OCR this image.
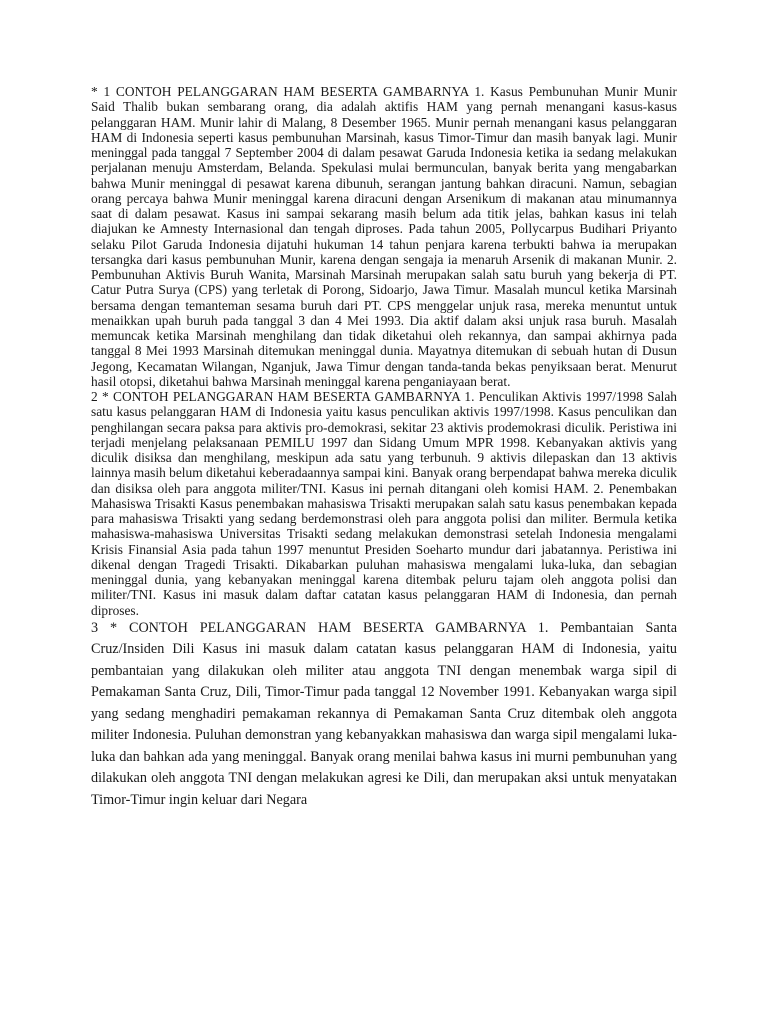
* 1 CONTOH PELANGGARAN HAM BESERTA GAMBARNYA 1. Kasus Pembunuhan Munir Munir Said Thalib bukan sembarang orang, dia adalah aktifis HAM yang pernah menangani kasus-kasus pelanggaran HAM. Munir lahir di Malang, 8 Desember 1965. Munir pernah menangani kasus pelanggaran HAM di Indonesia seperti kasus pembunuhan Marsinah, kasus Timor-Timur dan masih banyak lagi. Munir meninggal pada tanggal 7 September 2004 di dalam pesawat Garuda Indonesia ketika ia sedang melakukan perjalanan menuju Amsterdam, Belanda. Spekulasi mulai bermunculan, banyak berita yang mengabarkan bahwa Munir meninggal di pesawat karena dibunuh, serangan jantung bahkan diracuni. Namun, sebagian orang percaya bahwa Munir meninggal karena diracuni dengan Arsenikum di makanan atau minumannya saat di dalam pesawat. Kasus ini sampai sekarang masih belum ada titik jelas, bahkan kasus ini telah diajukan ke Amnesty Internasional dan tengah diproses. Pada tahun 2005, Pollycarpus Budihari Priyanto selaku Pilot Garuda Indonesia dijatuhi hukuman 14 tahun penjara karena terbukti bahwa ia merupakan tersangka dari kasus pembunuhan Munir, karena dengan sengaja ia menaruh Arsenik di makanan Munir. 2. Pembunuhan Aktivis Buruh Wanita, Marsinah Marsinah merupakan salah satu buruh yang bekerja di PT. Catur Putra Surya (CPS) yang terletak di Porong, Sidoarjo, Jawa Timur. Masalah muncul ketika Marsinah bersama dengan temanteman sesama buruh dari PT. CPS menggelar unjuk rasa, mereka menuntut untuk menaikkan upah buruh pada tanggal 3 dan 4 Mei 1993. Dia aktif dalam aksi unjuk rasa buruh. Masalah memuncak ketika Marsinah menghilang dan tidak diketahui oleh rekannya, dan sampai akhirnya pada tanggal 8 Mei 1993 Marsinah ditemukan meninggal dunia. Mayatnya ditemukan di sebuah hutan di Dusun Jegong, Kecamatan Wilangan, Nganjuk, Jawa Timur dengan tanda-tanda bekas penyiksaan berat. Menurut hasil otopsi, diketahui bahwa Marsinah meninggal karena penganiayaan berat.

2 * CONTOH PELANGGARAN HAM BESERTA GAMBARNYA 1. Penculikan Aktivis 1997/1998 Salah satu kasus pelanggaran HAM di Indonesia yaitu kasus penculikan aktivis 1997/1998. Kasus penculikan dan penghilangan secara paksa para aktivis pro-demokrasi, sekitar 23 aktivis prodemokrasi diculik. Peristiwa ini terjadi menjelang pelaksanaan PEMILU 1997 dan Sidang Umum MPR 1998. Kebanyakan aktivis yang diculik disiksa dan menghilang, meskipun ada satu yang terbunuh. 9 aktivis dilepaskan dan 13 aktivis lainnya masih belum diketahui keberadaannya sampai kini. Banyak orang berpendapat bahwa mereka diculik dan disiksa oleh para anggota militer/TNI. Kasus ini pernah ditangani oleh komisi HAM. 2. Penembakan Mahasiswa Trisakti Kasus penembakan mahasiswa Trisakti merupakan salah satu kasus penembakan kepada para mahasiswa Trisakti yang sedang berdemonstrasi oleh para anggota polisi dan militer. Bermula ketika mahasiswa-mahasiswa Universitas Trisakti sedang melakukan demonstrasi setelah Indonesia mengalami Krisis Finansial Asia pada tahun 1997 menuntut Presiden Soeharto mundur dari jabatannya. Peristiwa ini dikenal dengan Tragedi Trisakti. Dikabarkan puluhan mahasiswa mengalami luka-luka, dan sebagian meninggal dunia, yang kebanyakan meninggal karena ditembak peluru tajam oleh anggota polisi dan militer/TNI. Kasus ini masuk dalam daftar catatan kasus pelanggaran HAM di Indonesia, dan pernah diproses.

3 * CONTOH PELANGGARAN HAM BESERTA GAMBARNYA 1. Pembantaian Santa Cruz/Insiden Dili Kasus ini masuk dalam catatan kasus pelanggaran HAM di Indonesia, yaitu pembantaian yang dilakukan oleh militer atau anggota TNI dengan menembak warga sipil di Pemakaman Santa Cruz, Dili, Timor-Timur pada tanggal 12 November 1991. Kebanyakan warga sipil yang sedang menghadiri pemakaman rekannya di Pemakaman Santa Cruz ditembak oleh anggota militer Indonesia. Puluhan demonstran yang kebanyakkan mahasiswa dan warga sipil mengalami luka-luka dan bahkan ada yang meninggal. Banyak orang menilai bahwa kasus ini murni pembunuhan yang dilakukan oleh anggota TNI dengan melakukan agresi ke Dili, dan merupakan aksi untuk menyatakan Timor-Timur ingin keluar dari Negara
